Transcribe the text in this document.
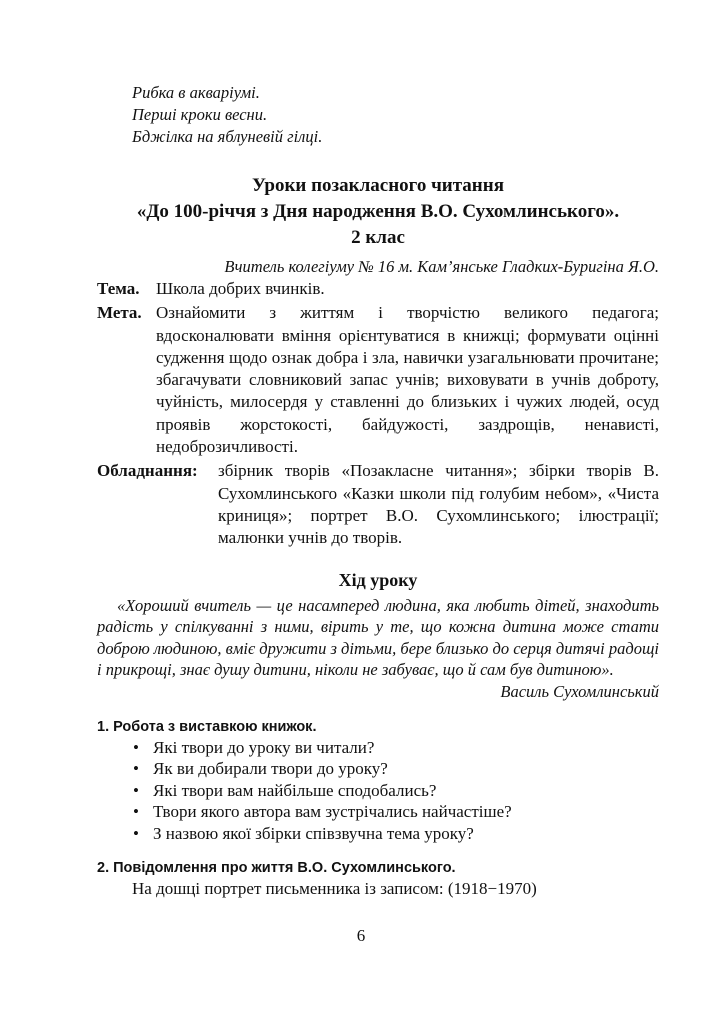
Рибка в акваріумі.
Перші кроки весни.
Бджілка на яблуневій гілці.
Уроки позакласного читання
«До 100-річчя з Дня народження В.О. Сухомлинського».
2 клас
Вчитель колегіуму № 16 м. Кам’янське Гладких-Буригіна Я.О.
Тема. Школа добрих вчинків.
Мета. Ознайомити з життям і творчістю великого педагога; вдосконалювати вміння орієнтуватися в книжці; формувати оцінні судження щодо ознак добра і зла, навички узагальнювати прочитане; збагачувати словниковий запас учнів; виховувати в учнів доброту, чуйність, милосердя у ставленні до близьких і чужих людей, осуд проявів жорстокості, байдужості, заздрощів, ненависті, недоброзичливості.
Обладнання:	збірник творів «Позакласне читання»; збірки творів В. Сухомлинського «Казки школи під голубим небом», «Чиста криниця»; портрет В.О. Сухомлинського; ілюстрації; малюнки учнів до творів.
Хід уроку
«Хороший вчитель — це насамперед людина, яка любить дітей, знаходить радість у спілкуванні з ними, вірить у те, що кожна дитина може стати доброю людиною, вміє дружити з дітьми, бере близько до серця дитячі радощі і прикрощі, знає душу дитини, ніколи не забуває, що й сам був дитиною».
Василь Сухомлинський
1. Робота з виставкою книжок.
• Які твори до уроку ви читали?
• Як ви добирали твори до уроку?
• Які твори вам найбільше сподобались?
• Твори якого автора вам зустрічались найчастіше?
• З назвою якої збірки співзвучна тема уроку?
2. Повідомлення про життя В.О. Сухомлинського.
На дошці портрет письменника із записом: (1918−1970)
6
